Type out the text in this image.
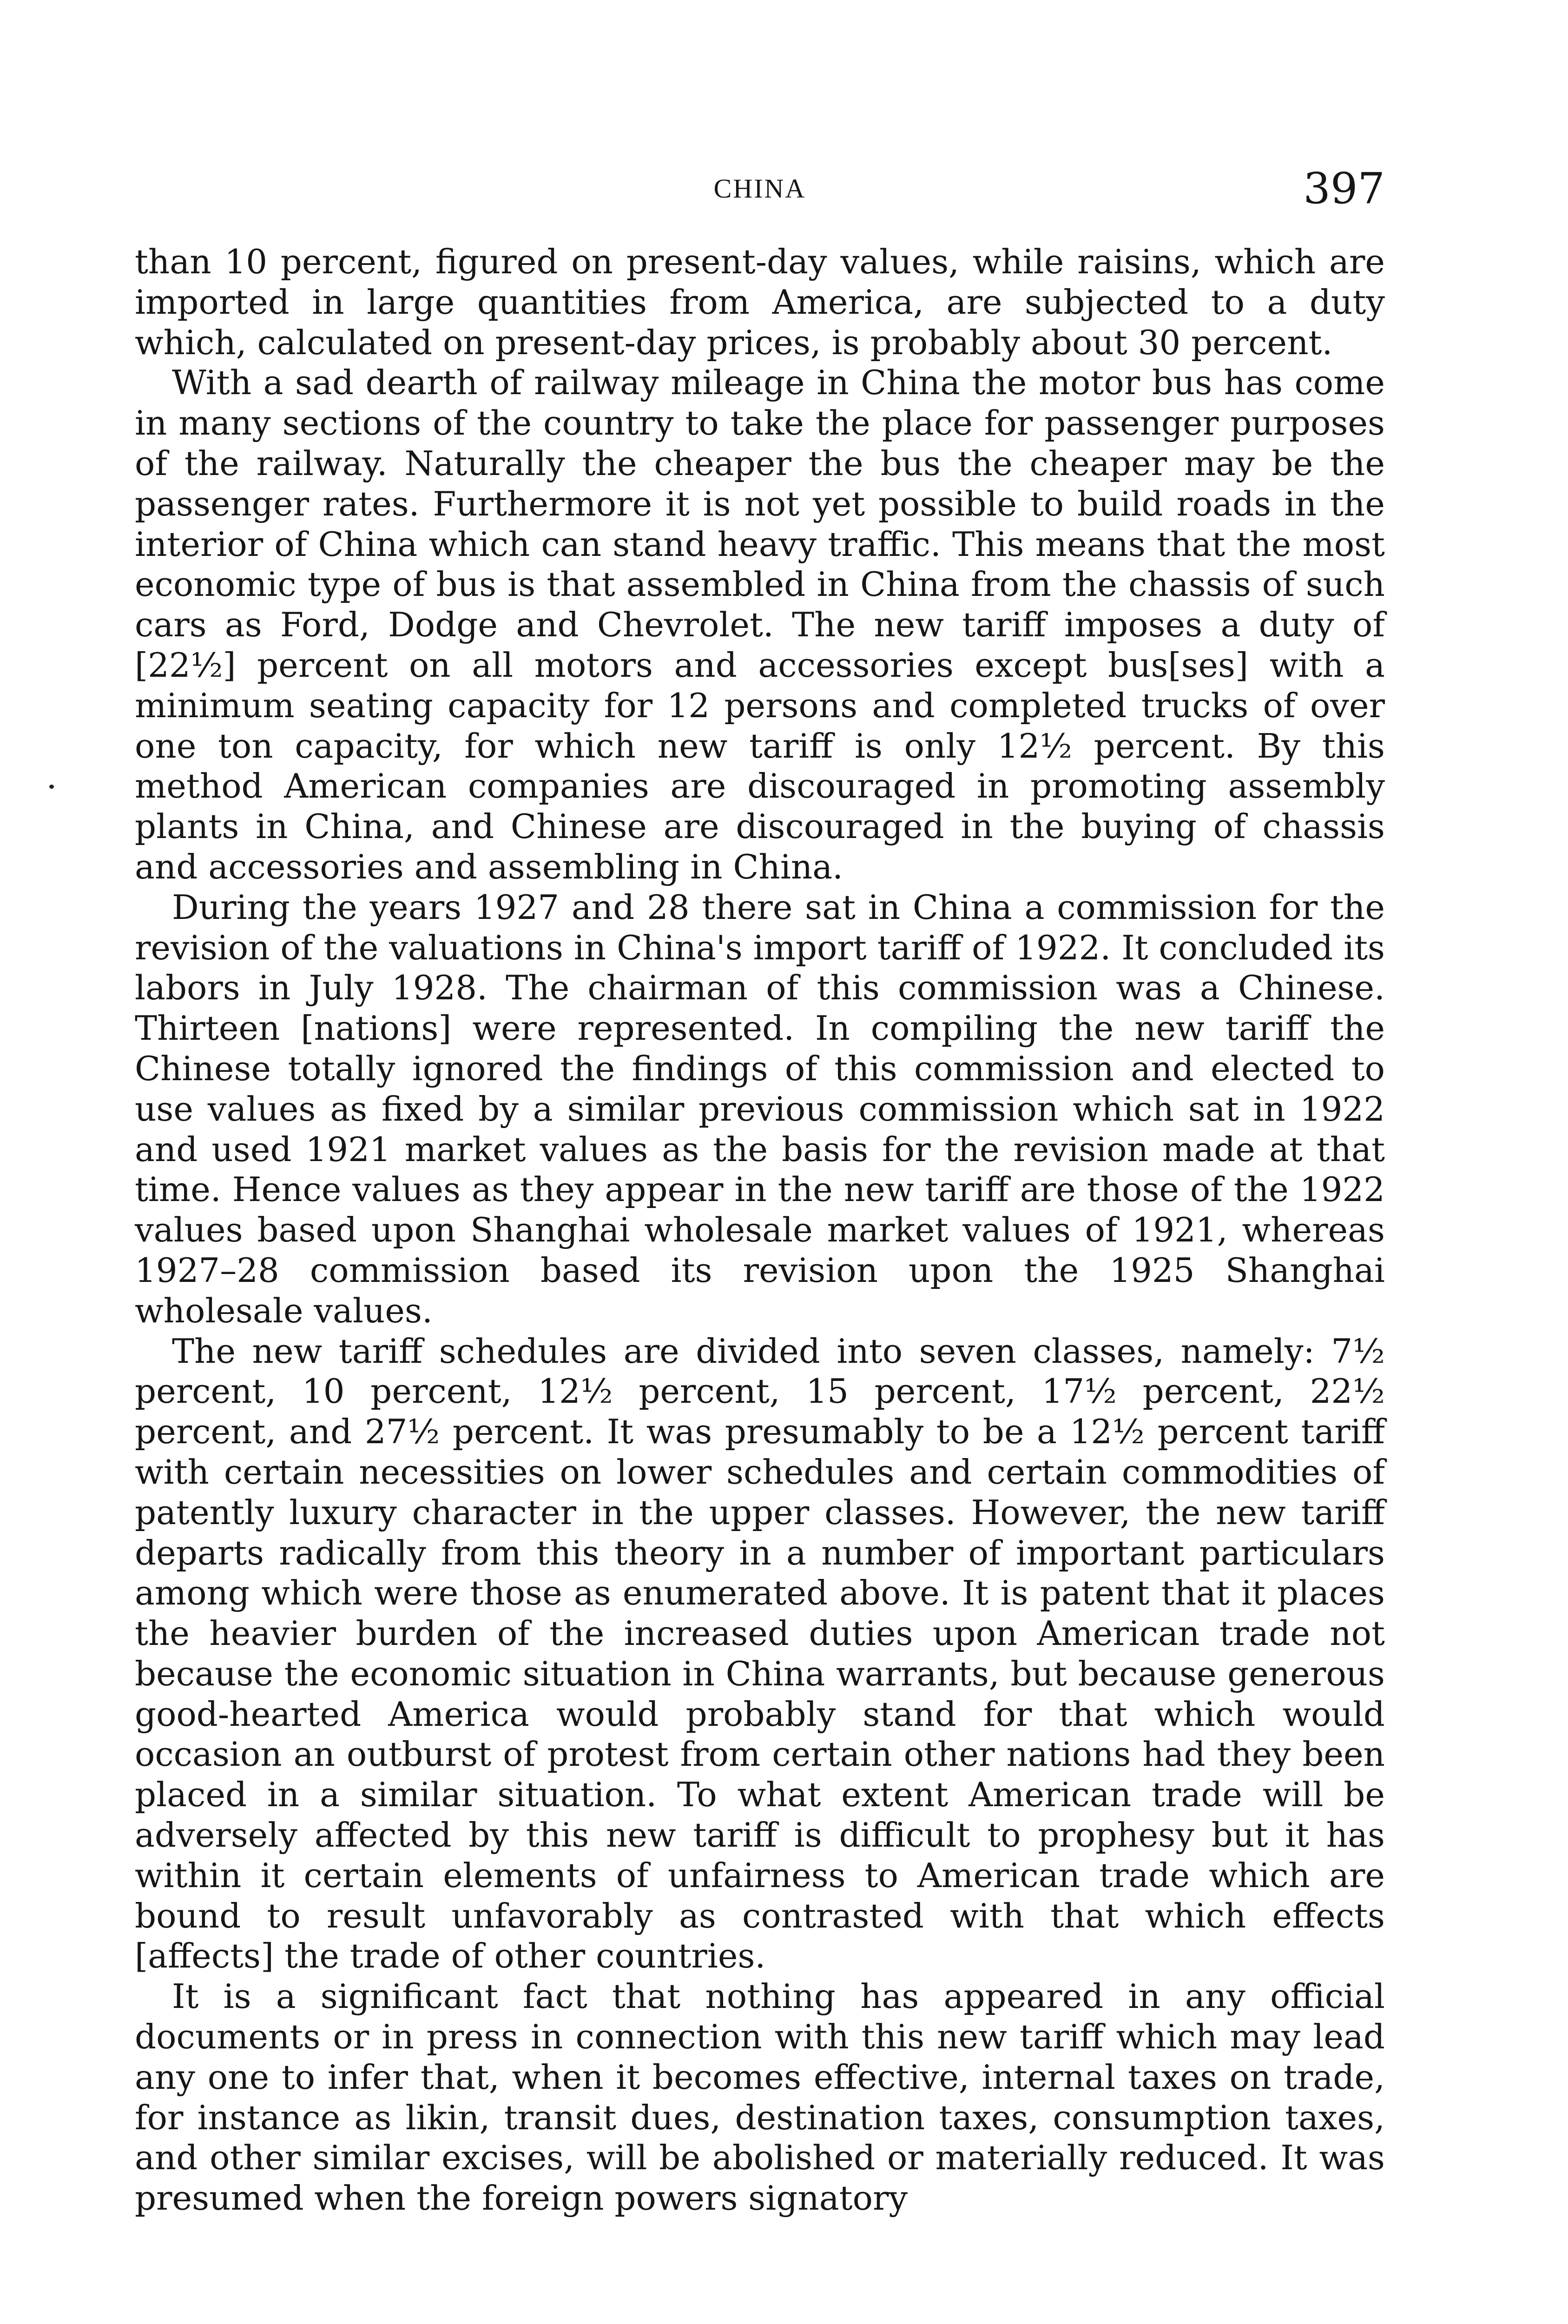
CHINA	397

than 10 percent, figured on present-day values, while raisins, which are imported in large quantities from America, are subjected to a duty which, calculated on present-day prices, is probably about 30 percent.

With a sad dearth of railway mileage in China the motor bus has come in many sections of the country to take the place for passenger purposes of the railway. Naturally the cheaper the bus the cheaper may be the passenger rates. Furthermore it is not yet possible to build roads in the interior of China which can stand heavy traffic. This means that the most economic type of bus is that assembled in China from the chassis of such cars as Ford, Dodge and Chevrolet. The new tariff imposes a duty of [22½] percent on all motors and accessories except bus[ses] with a minimum seating capacity for 12 persons and completed trucks of over one ton capacity, for which new tariff is only 12½ percent. By this method American companies are discouraged in promoting assembly plants in China, and Chinese are discouraged in the buying of chassis and accessories and assembling in China.

During the years 1927 and 28 there sat in China a commission for the revision of the valuations in China's import tariff of 1922. It concluded its labors in July 1928. The chairman of this commission was a Chinese. Thirteen [nations] were represented. In compiling the new tariff the Chinese totally ignored the findings of this commission and elected to use values as fixed by a similar previous commission which sat in 1922 and used 1921 market values as the basis for the revision made at that time. Hence values as they appear in the new tariff are those of the 1922 values based upon Shanghai wholesale market values of 1921, whereas 1927–28 commission based its revision upon the 1925 Shanghai wholesale values.

The new tariff schedules are divided into seven classes, namely: 7½ percent, 10 percent, 12½ percent, 15 percent, 17½ percent, 22½ percent, and 27½ percent. It was presumably to be a 12½ percent tariff with certain necessities on lower schedules and certain commodities of patently luxury character in the upper classes. However, the new tariff departs radically from this theory in a number of important particulars among which were those as enumerated above. It is patent that it places the heavier burden of the increased duties upon American trade not because the economic situation in China warrants, but because generous good-hearted America would probably stand for that which would occasion an outburst of protest from certain other nations had they been placed in a similar situation. To what extent American trade will be adversely affected by this new tariff is difficult to prophesy but it has within it certain elements of unfairness to American trade which are bound to result unfavorably as contrasted with that which effects [affects] the trade of other countries.

It is a significant fact that nothing has appeared in any official documents or in press in connection with this new tariff which may lead any one to infer that, when it becomes effective, internal taxes on trade, for instance as likin, transit dues, destination taxes, consumption taxes, and other similar excises, will be abolished or materially reduced. It was presumed when the foreign powers signatory
